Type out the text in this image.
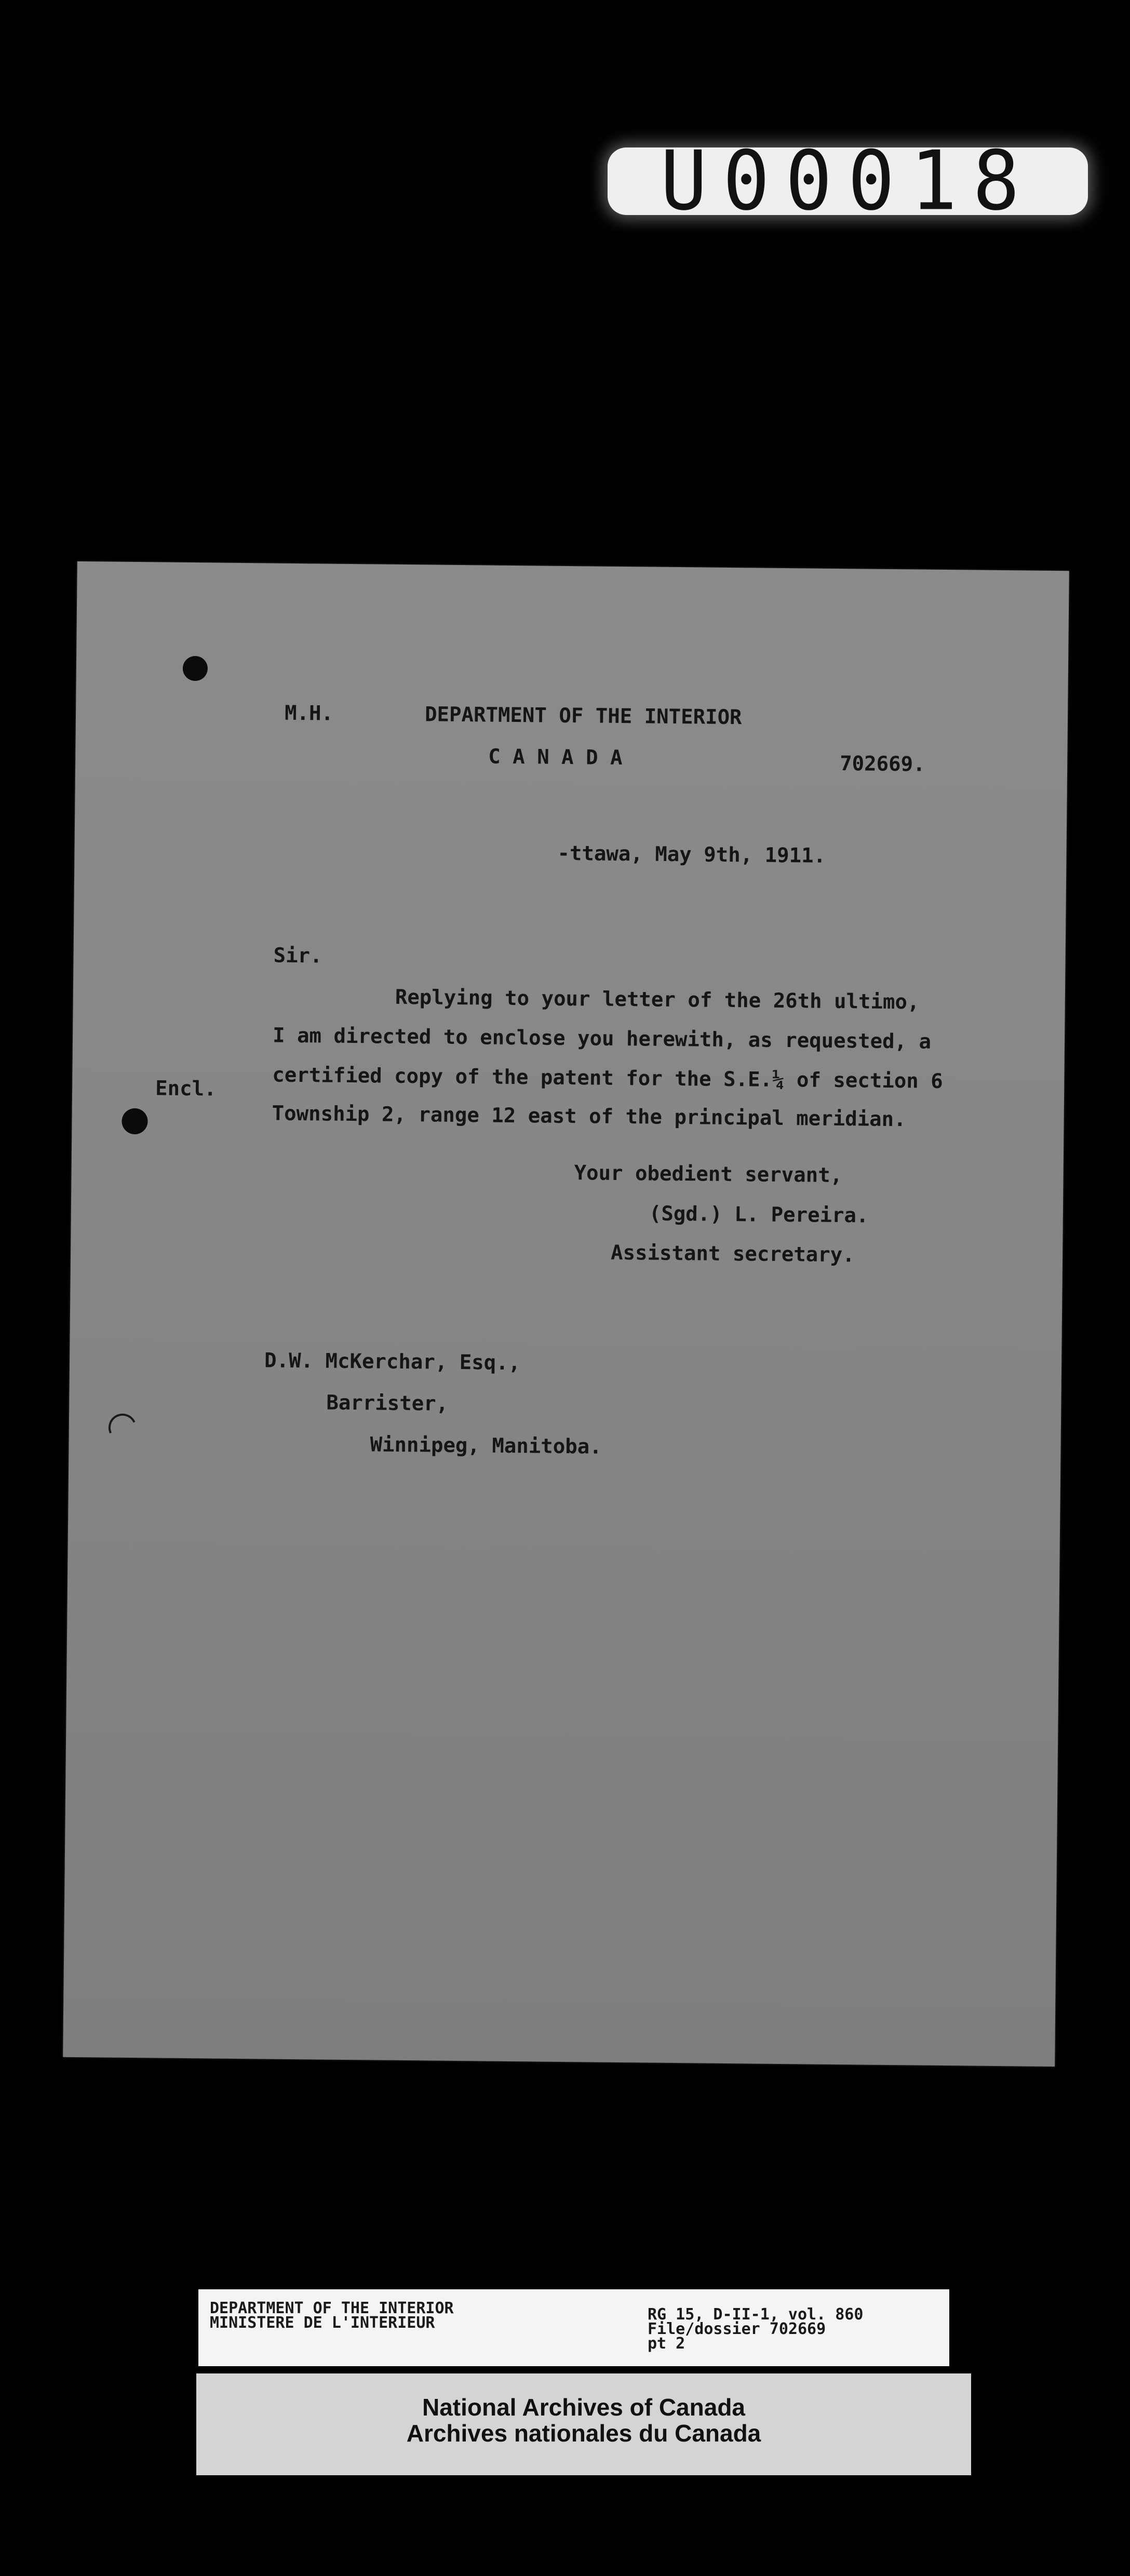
U00018

M.H.	DEPARTMENT OF THE INTERIOR

C A N A D A	702669.

-ttawa, May 9th, 1911.

Sir.

Replying to your letter of the 26th ultimo,

I am directed to enclose you herewith, as requested, a

certified copy of the patent for the S.E.¼ of section 6

Township 2, range 12 east of the principal meridian.

Encl.

Your obedient servant,

(Sgd.) L. Pereira.

Assistant secretary.

D.W. McKerchar, Esq.,

Barrister,

Winnipeg, Manitoba.

DEPARTMENT OF THE INTERIOR

MINISTERE DE L'INTERIEUR	RG 15, D-II-1, vol. 860

File/dossier 702669

pt 2

National Archives of Canada

Archives nationales du Canada
